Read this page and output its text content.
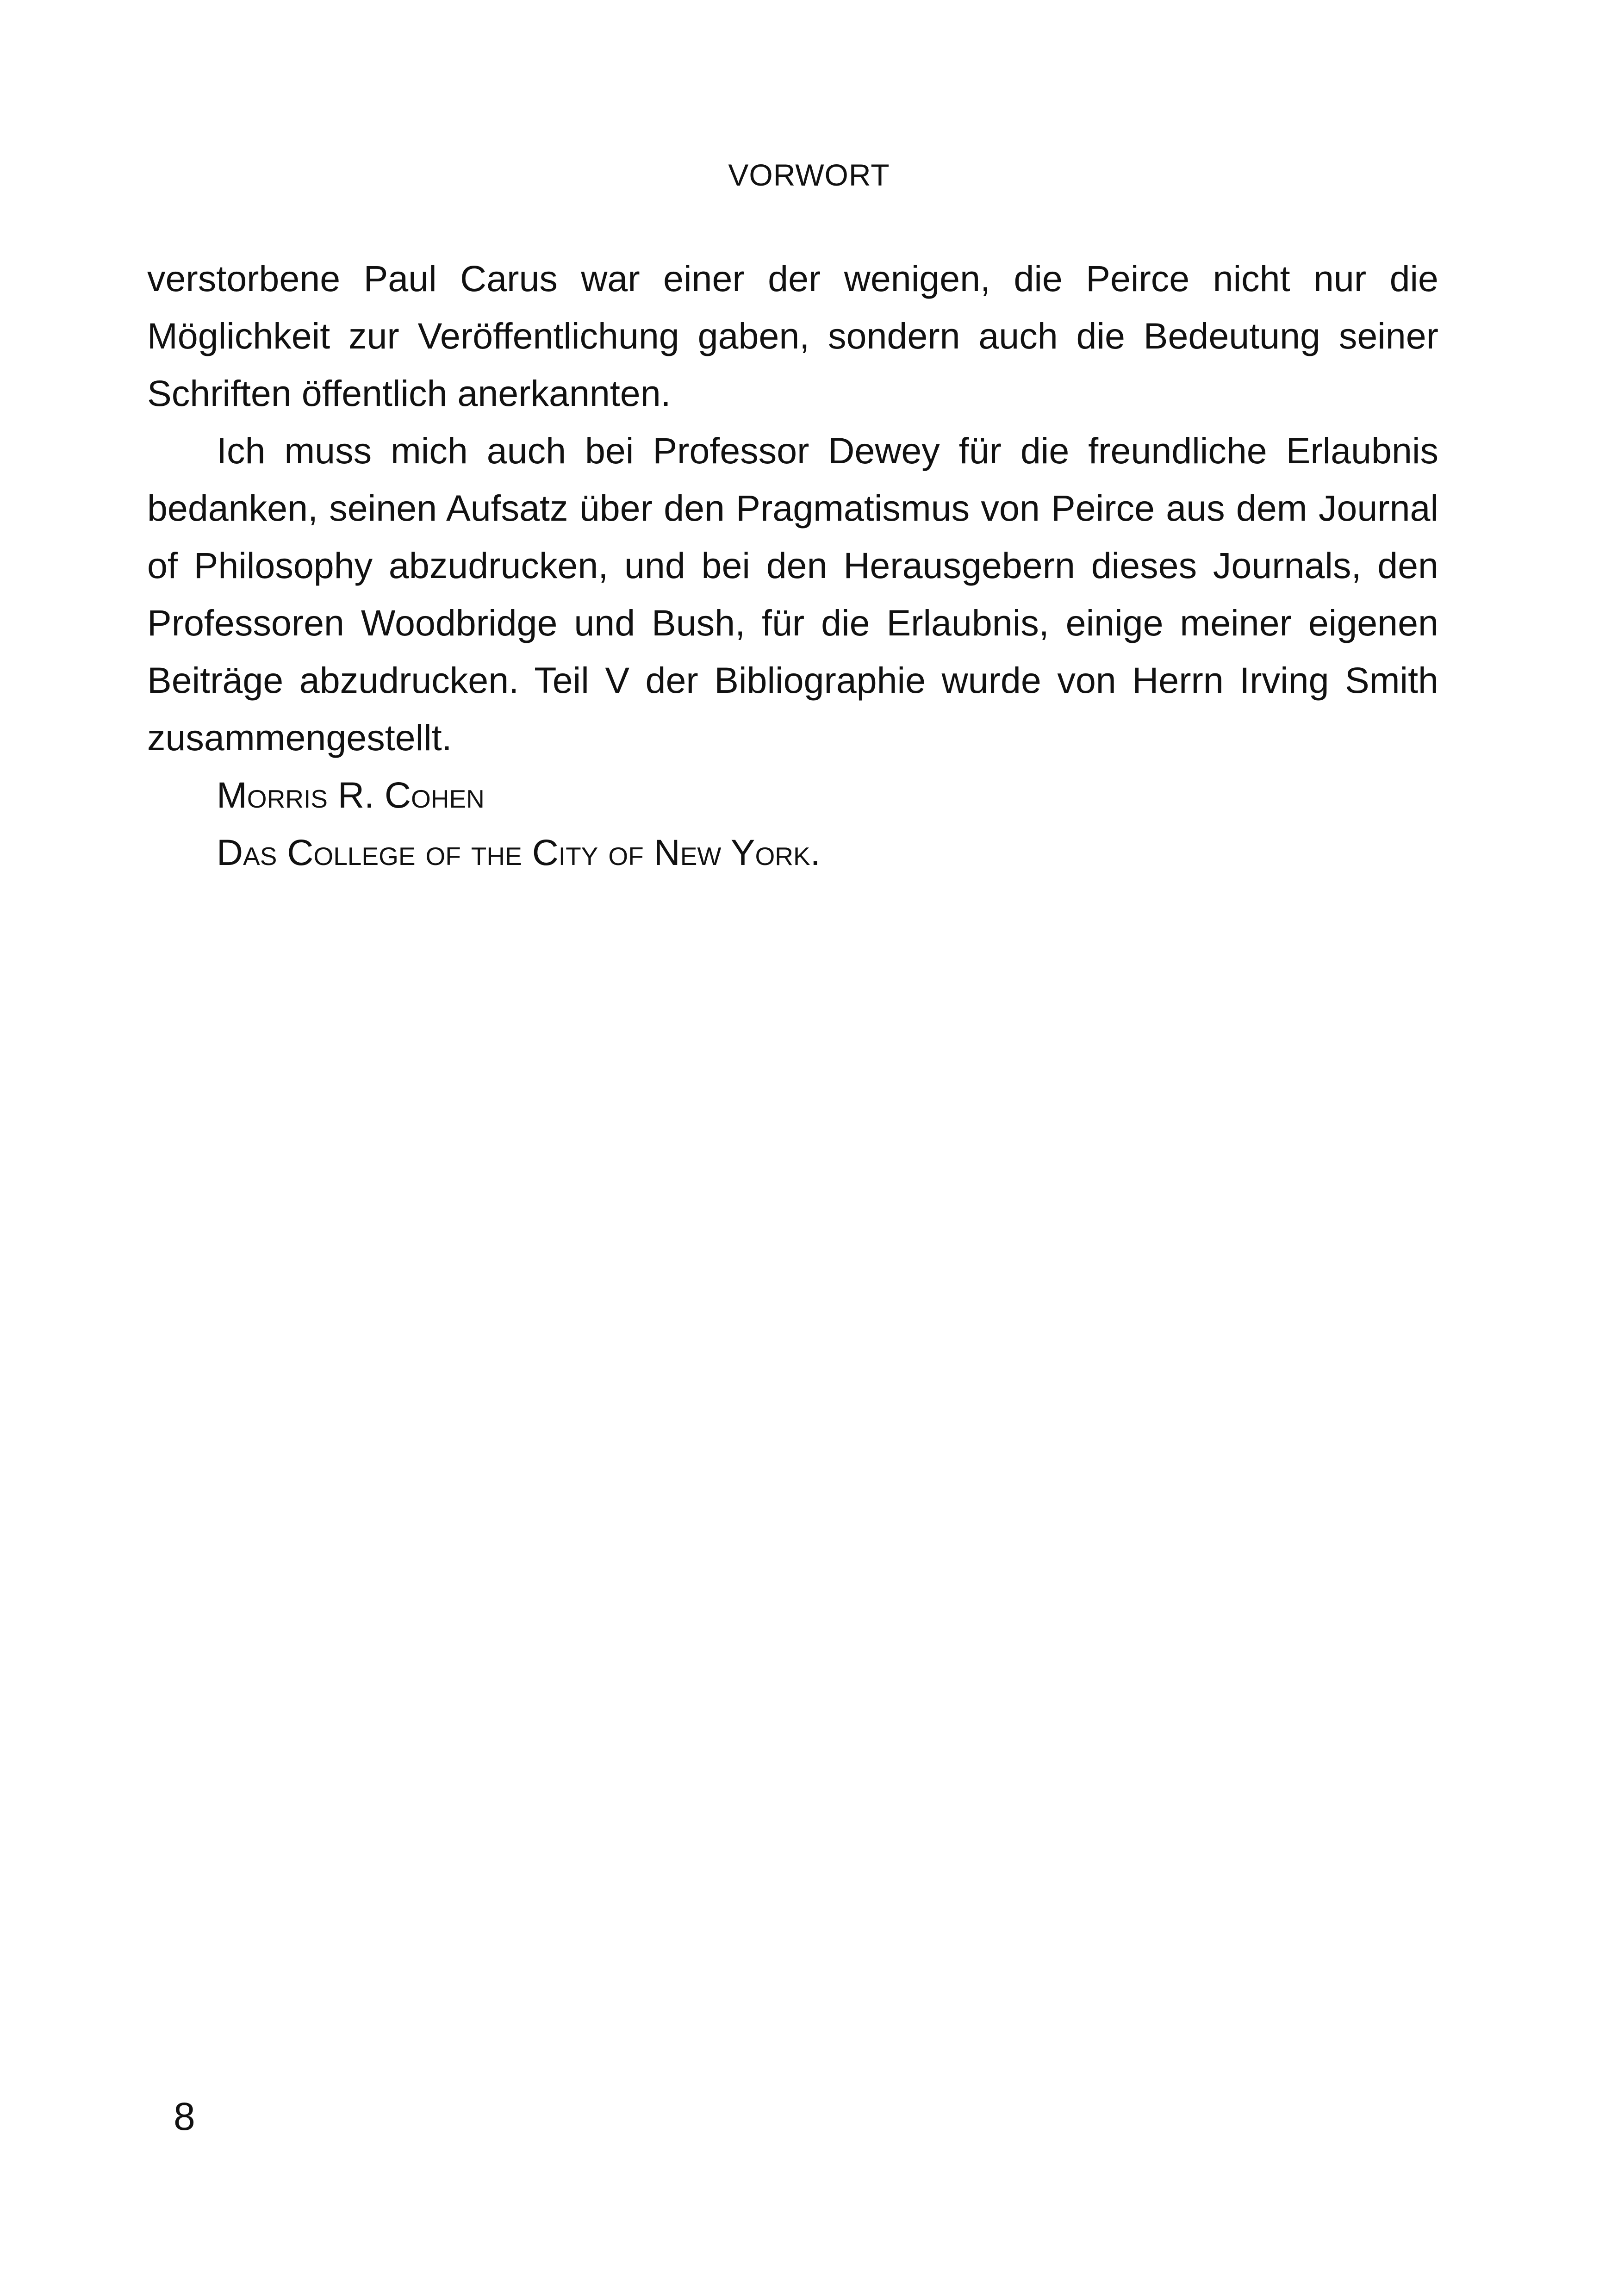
VORWORT

verstorbene Paul Carus war einer der wenigen, die Peirce nicht nur die Möglichkeit zur Veröffentlichung gaben, sondern auch die Bedeutung seiner Schriften öffentlich anerkannten.

Ich muss mich auch bei Professor Dewey für die freundliche Erlaubnis bedanken, seinen Aufsatz über den Pragmatismus von Peirce aus dem Journal of Philosophy abzudrucken, und bei den Herausgebern dieses Journals, den Professoren Woodbridge und Bush, für die Erlaubnis, einige meiner eigenen Beiträge abzudrucken. Teil V der Bibliographie wurde von Herrn Irving Smith zusammengestellt.

Morris R. Cohen

Das College of the City of New York.

8
